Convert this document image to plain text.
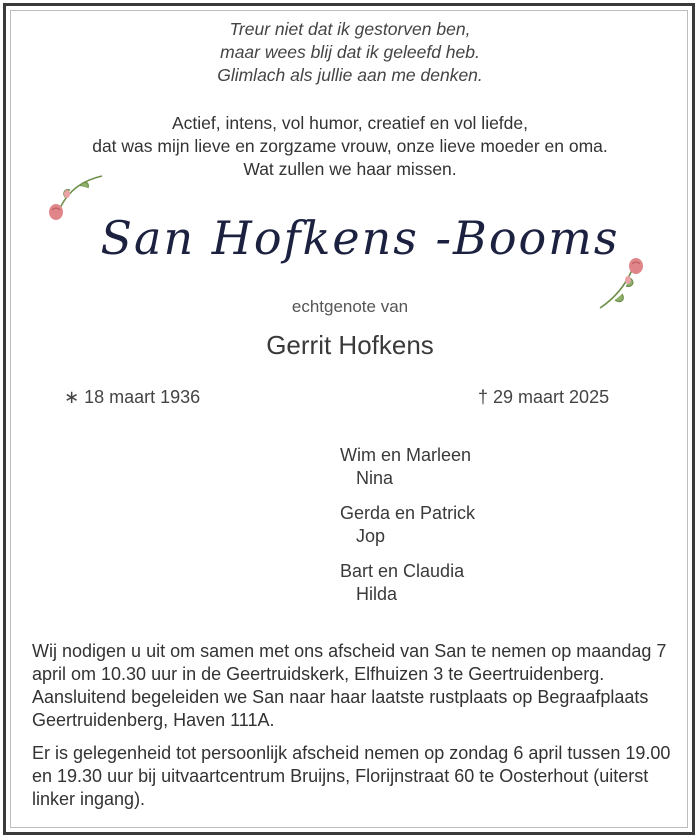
Treur niet dat ik gestorven ben,
maar wees blij dat ik geleefd heb.
Glimlach als jullie aan me denken.
Actief, intens, vol humor, creatief en vol liefde,
dat was mijn lieve en zorgzame vrouw, onze lieve moeder en oma.
Wat zullen we haar missen.
San Hofkens -Booms
echtgenote van
Gerrit Hofkens
∗ 18 maart 1936	† 29 maart 2025
Wim en Marleen
Nina
Gerda en Patrick
Jop
Bart en Claudia
Hilda

Wij nodigen u uit om samen met ons afscheid van San te nemen op maandag 7 april om 10.30 uur in de Geertruidskerk, Elfhuizen 3 te Geertruidenberg. Aansluitend begeleiden we San naar haar laatste rustplaats op Begraafplaats Geertruidenberg, Haven 111A.

Er is gelegenheid tot persoonlijk afscheid nemen op zondag 6 april tussen 19.00 en 19.30 uur bij uitvaartcentrum Bruijns, Florijnstraat 60 te Oosterhout (uiterst linker ingang).
